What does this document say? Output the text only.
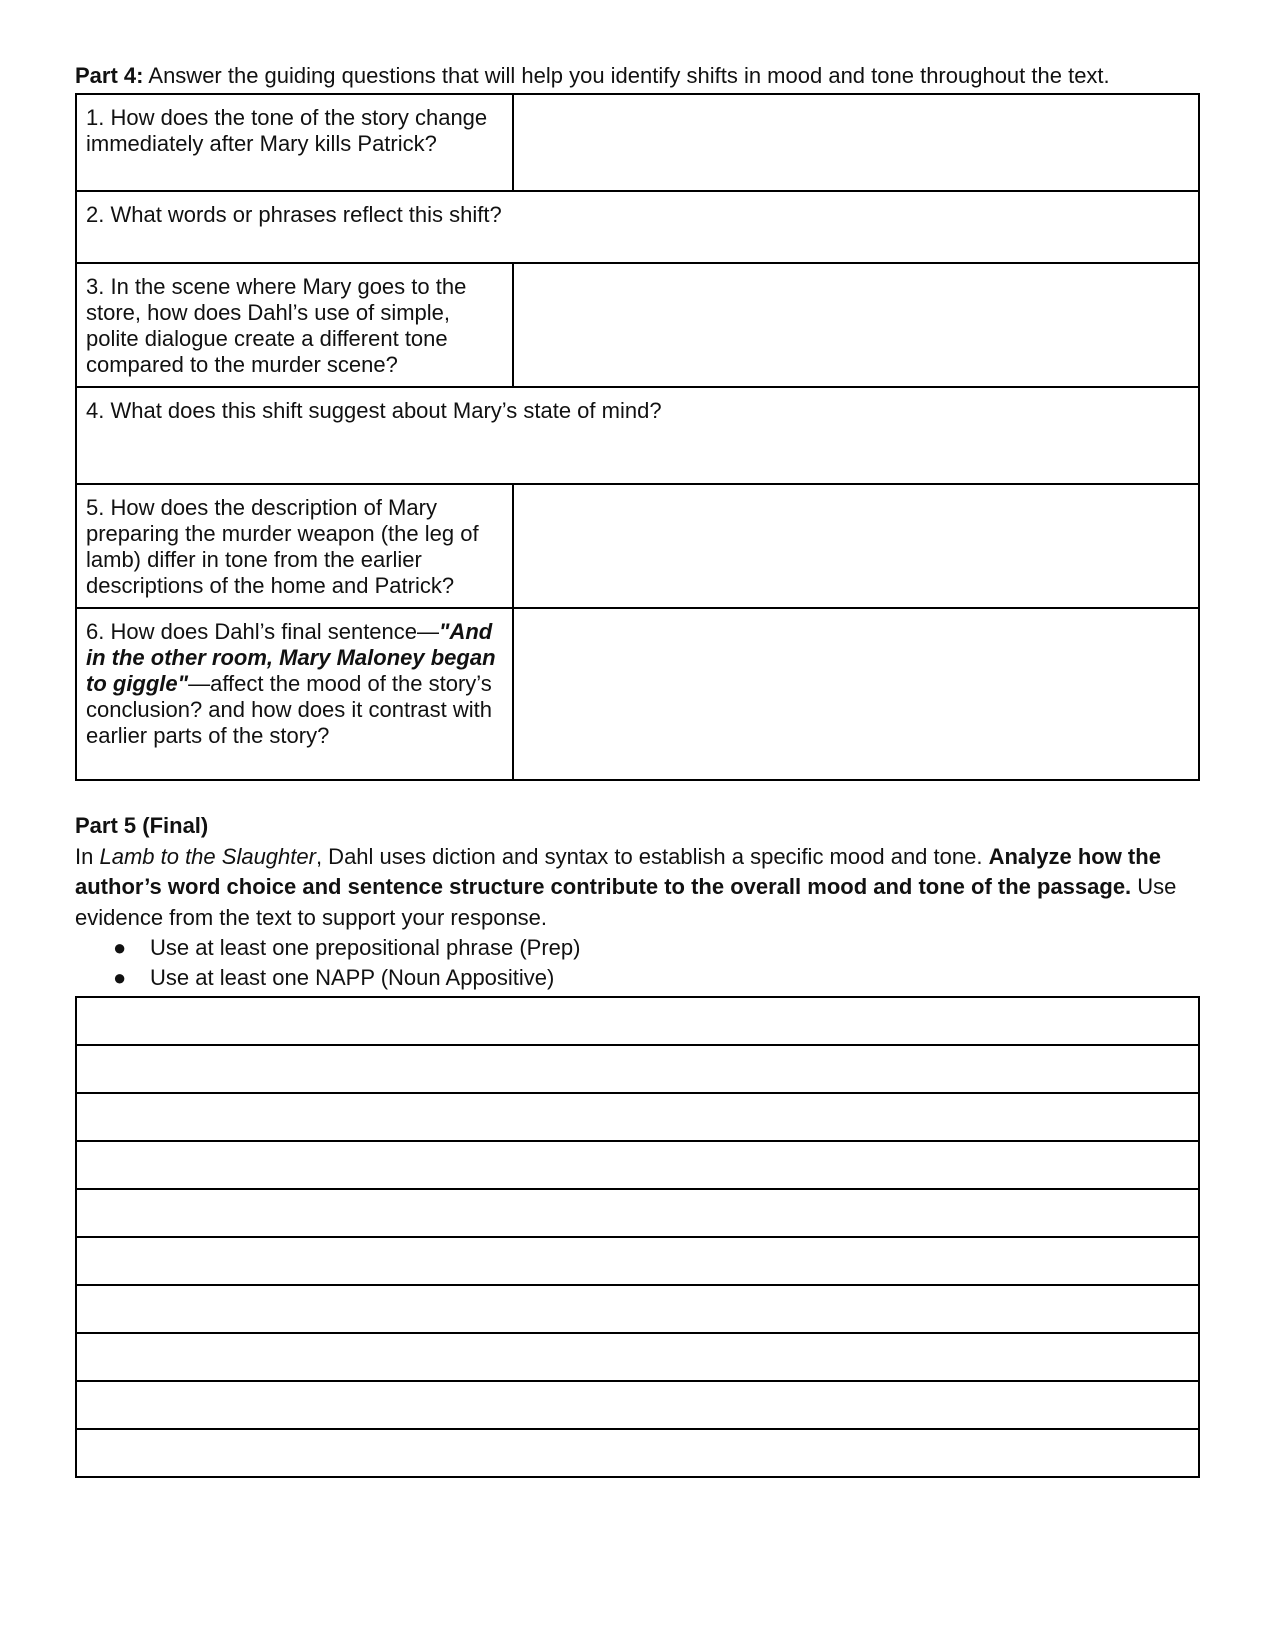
Part 4: Answer the guiding questions that will help you identify shifts in mood and tone throughout the text.

1. How does the tone of the story change immediately after Mary kills Patrick?	
2. What words or phrases reflect this shift?	
3. In the scene where Mary goes to the store, how does Dahl’s use of simple, polite dialogue create a different tone compared to the murder scene?	
4. What does this shift suggest about Mary’s state of mind?	
5. How does the description of Mary preparing the murder weapon (the leg of lamb) differ in tone from the earlier descriptions of the home and Patrick?	
6. How does Dahl’s final sentence—"And in the other room, Mary Maloney began to giggle"—affect the mood of the story’s conclusion? and how does it contrast with earlier parts of the story?	

Part 5 (Final)

In Lamb to the Slaughter, Dahl uses diction and syntax to establish a specific mood and tone. Analyze how the author’s word choice and sentence structure contribute to the overall mood and tone of the passage. Use evidence from the text to support your response.

● Use at least one prepositional phrase (Prep)
● Use at least one NAPP (Noun Appositive)
